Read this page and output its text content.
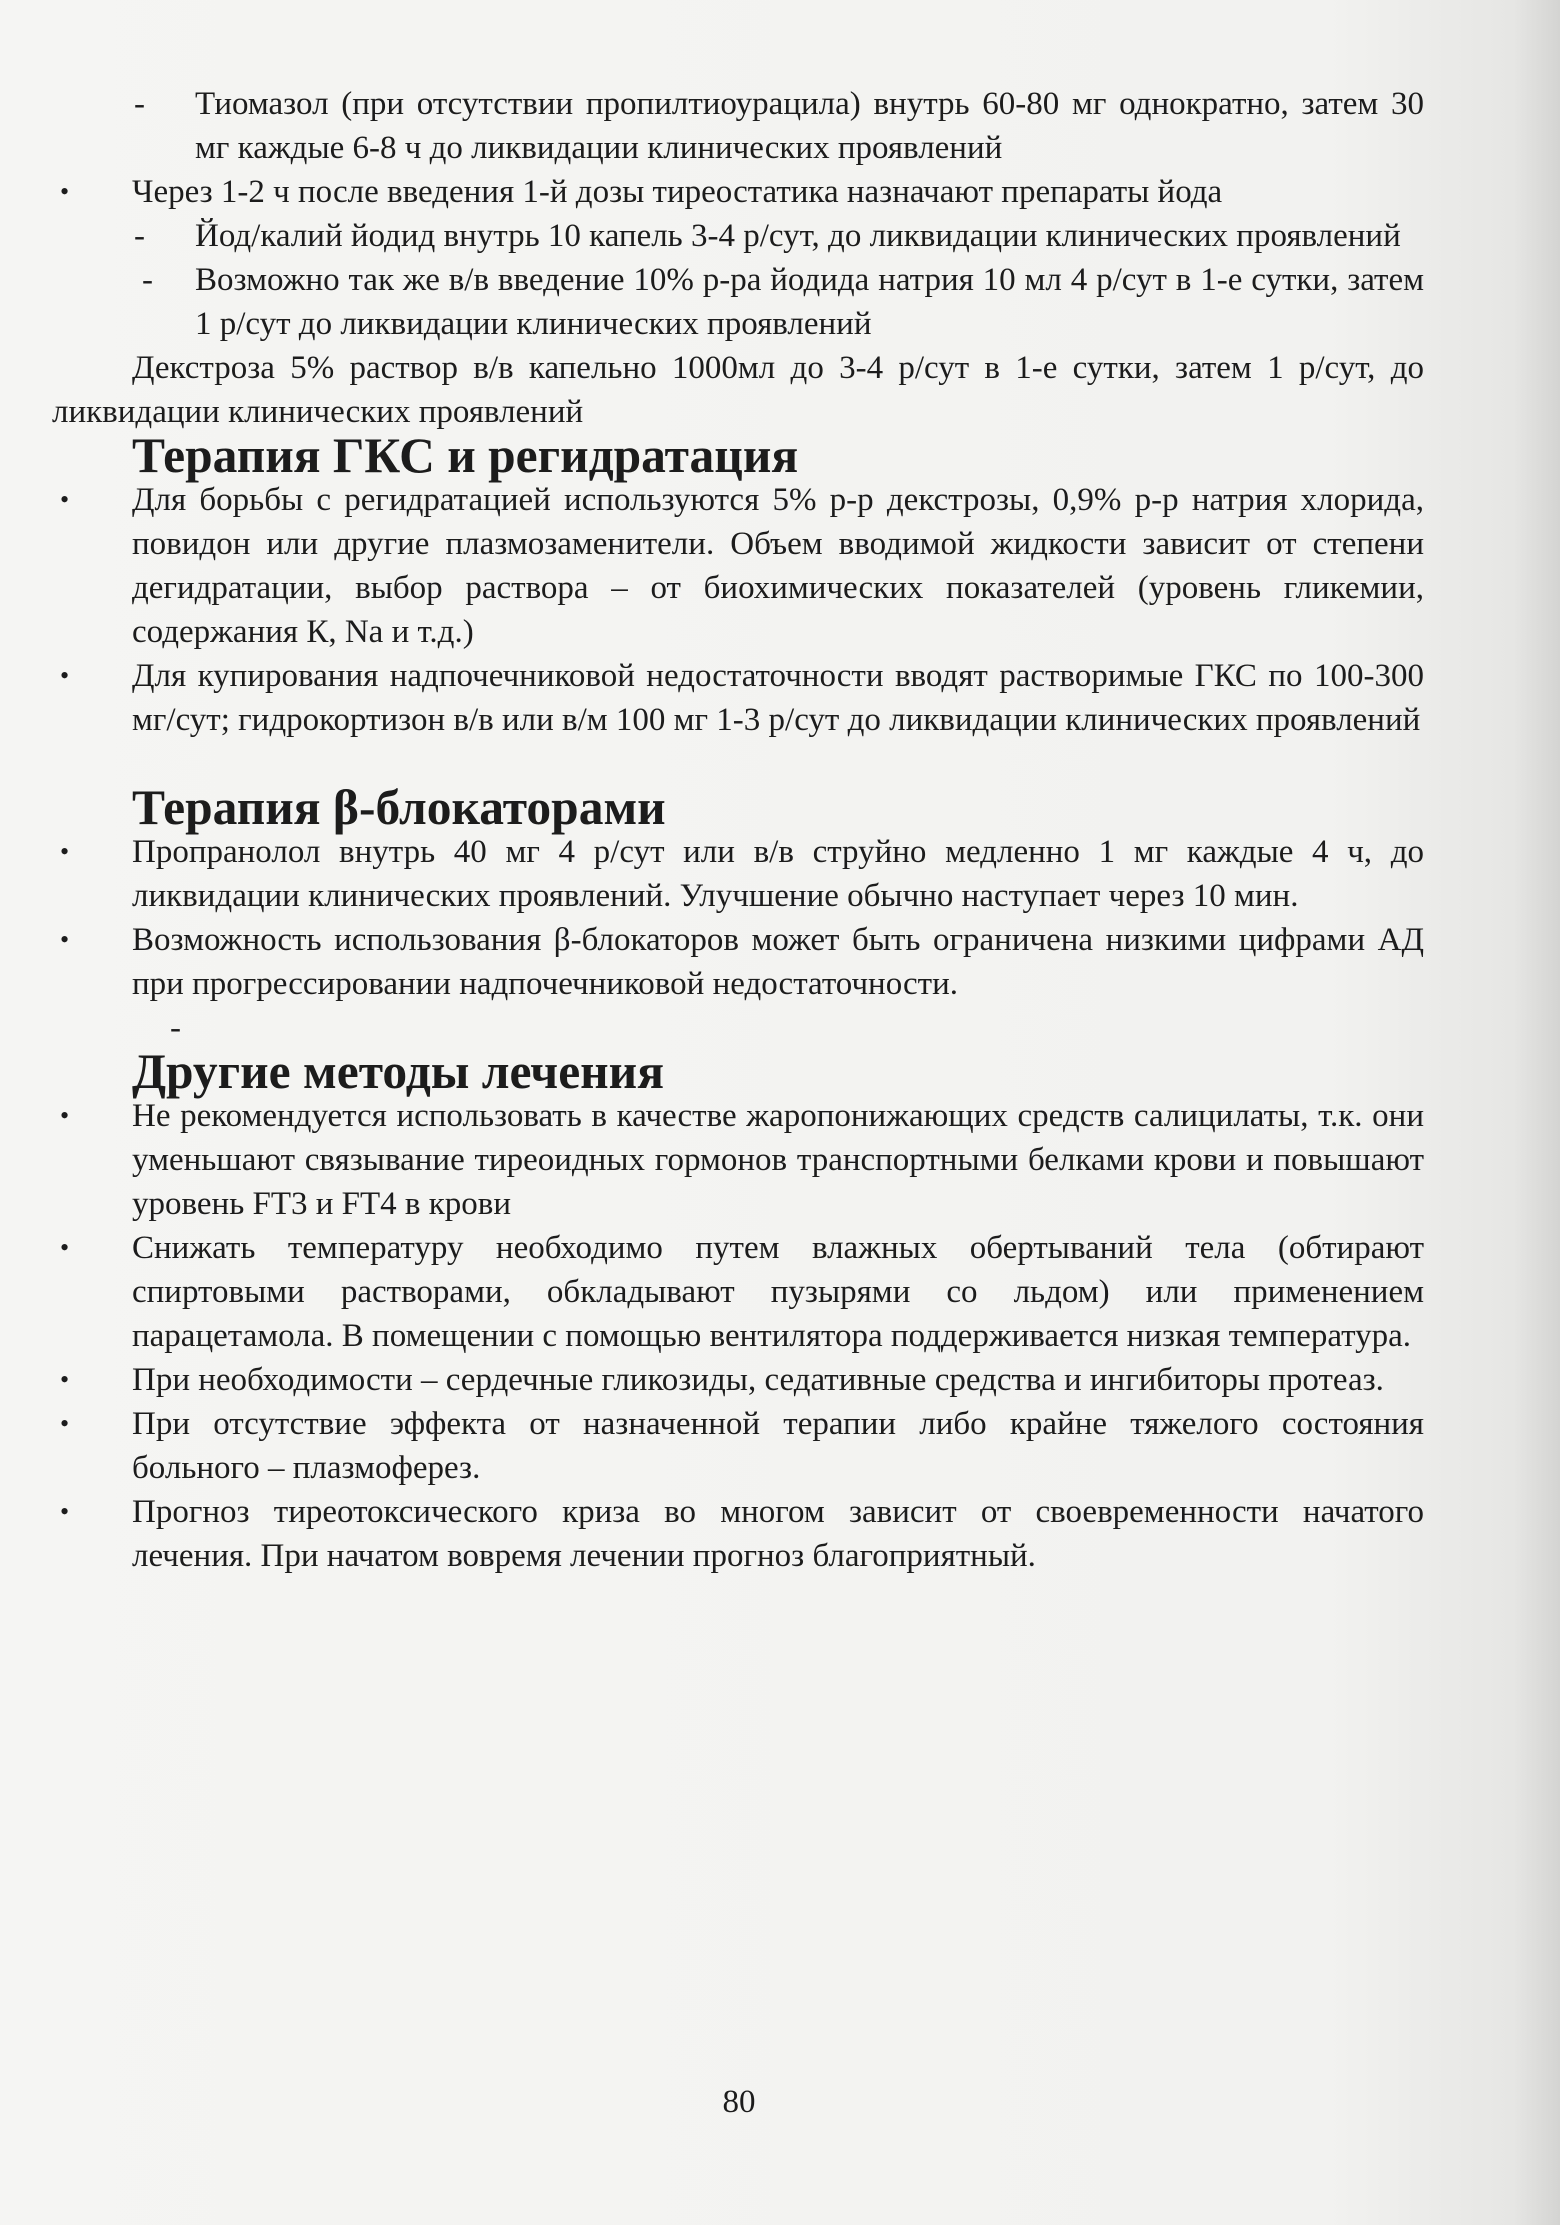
- Тиомазол (при отсутствии пропилтиоурацила) внутрь 60-80 мг однократно, затем 30 мг каждые 6-8 ч до ликвидации клинических проявлений

• Через 1-2 ч после введения 1-й дозы тиреостатика назначают препараты йода

- Йод/калий йодид внутрь 10 капель 3-4 р/сут, до ликвидации клинических проявлений

- Возможно так же в/в введение 10% р-ра йодида натрия 10 мл 4 р/сут в 1-е сутки, затем 1 р/сут до ликвидации клинических проявлений

Декстроза 5% раствор в/в капельно 1000мл до 3-4 р/сут в 1-е сутки, затем 1 р/сут, до ликвидации клинических проявлений

Терапия ГКС и регидратация
• Для борьбы с регидратацией используются 5% р-р декстрозы, 0,9% р-р натрия хлорида, повидон или другие плазмозаменители. Объем вводимой жидкости зависит от степени дегидратации, выбор раствора – от биохимических показателей (уровень гликемии, содержания К, Na и т.д.)

• Для купирования надпочечниковой недостаточности вводят растворимые ГКС по 100-300 мг/сут; гидрокортизон в/в или в/м 100 мг 1-3 р/сут до ликвидации клинических проявлений

Терапия β-блокаторами
• Пропранолол внутрь 40 мг 4 р/сут или в/в струйно медленно 1 мг каждые 4 ч, до ликвидации клинических проявлений. Улучшение обычно наступает через 10 мин.

• Возможность использования β-блокаторов может быть ограничена низкими цифрами АД при прогрессировании надпочечниковой недостаточности.

-
Другие методы лечения
• Не рекомендуется использовать в качестве жаропонижающих средств салицилаты, т.к. они уменьшают связывание тиреоидных гормонов транспортными белками крови и повышают уровень FT3 и FT4 в крови

• Снижать температуру необходимо путем влажных обертываний тела (обтирают спиртовыми растворами, обкладывают пузырями со льдом) или применением парацетамола. В помещении с помощью вентилятора поддерживается низкая температура.

• При необходимости – сердечные гликозиды, седативные средства и ингибиторы протеаз.

• При отсутствие эффекта от назначенной терапии либо крайне тяжелого состояния больного – плазмоферез.

• Прогноз тиреотоксического криза во многом зависит от своевременности начатого лечения. При начатом вовремя лечении прогноз благоприятный.

80
